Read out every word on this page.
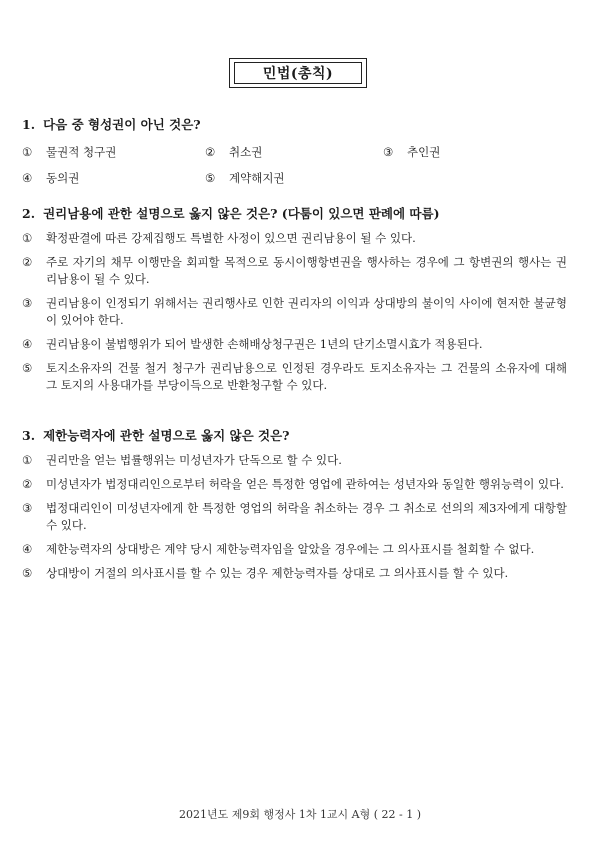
민법(총칙)
1. 다음 중 형성권이 아닌 것은?
①	물권적 청구권	②	취소권	③	추인권
④	동의권	⑤	계약해지권
2. 권리남용에 관한 설명으로 옳지 않은 것은? (다툼이 있으면 판례에 따름)
①	확정판결에 따른 강제집행도 특별한 사정이 있으면 권리남용이 될 수 있다.
②	주로 자기의 채무 이행만을 회피할 목적으로 동시이행항변권을 행사하는 경우에 그 항변권의 행사는 권리남용이 될 수 있다.
③	권리남용이 인정되기 위해서는 권리행사로 인한 권리자의 이익과 상대방의 불이익 사이에 현저한 불균형이 있어야 한다.
④	권리남용이 불법행위가 되어 발생한 손해배상청구권은 1년의 단기소멸시효가 적용된다.
⑤	토지소유자의 건물 철거 청구가 권리남용으로 인정된 경우라도 토지소유자는 그 건물의 소유자에 대해 그 토지의 사용대가를 부당이득으로 반환청구할 수 있다.
3. 제한능력자에 관한 설명으로 옳지 않은 것은?
①	권리만을 얻는 법률행위는 미성년자가 단독으로 할 수 있다.
②	미성년자가 법정대리인으로부터 허락을 얻은 특정한 영업에 관하여는 성년자와 동일한 행위능력이 있다.
③	법정대리인이 미성년자에게 한 특정한 영업의 허락을 취소하는 경우 그 취소로 선의의 제3자에게 대항할 수 있다.
④	제한능력자의 상대방은 계약 당시 제한능력자임을 알았을 경우에는 그 의사표시를 철회할 수 없다.
⑤	상대방이 거절의 의사표시를 할 수 있는 경우 제한능력자를 상대로 그 의사표시를 할 수 있다.
2021년도 제9회 행정사 1차 1교시 A형 ( 22 - 1 )
